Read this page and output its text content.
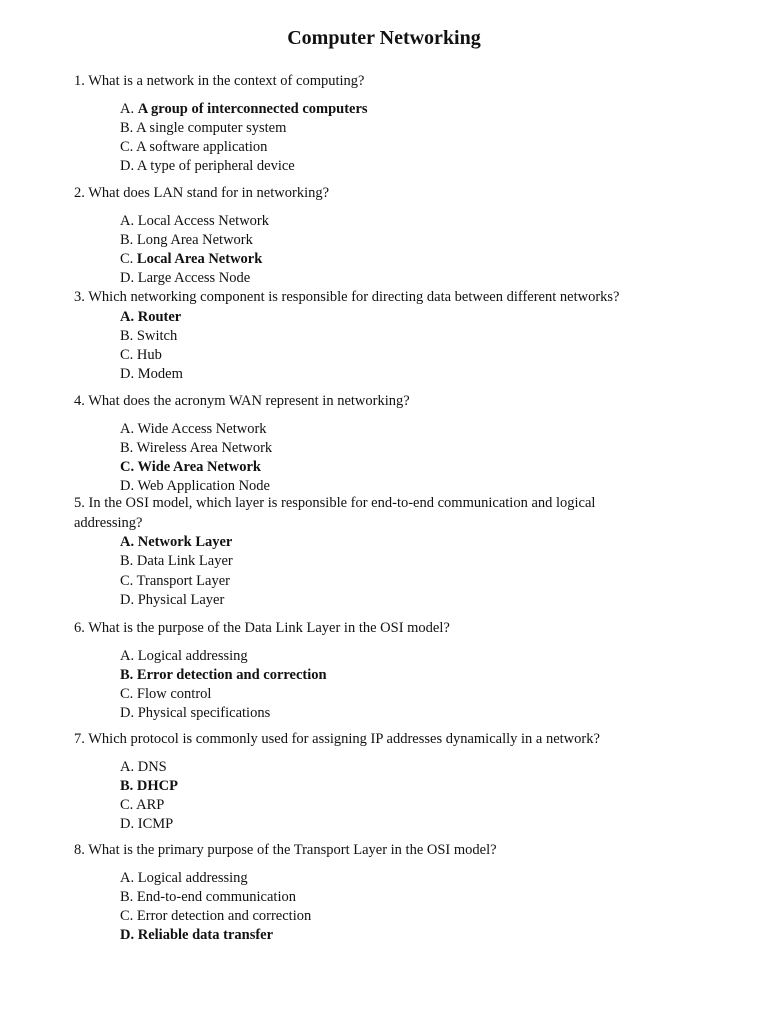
Computer Networking
1. What is a network in the context of computing?
A. A group of interconnected computers
B. A single computer system
C. A software application
D. A type of peripheral device
2. What does LAN stand for in networking?
A. Local Access Network
B. Long Area Network
C. Local Area Network
D. Large Access Node
3. Which networking component is responsible for directing data between different networks?
A. Router
B. Switch
C. Hub
D. Modem
4. What does the acronym WAN represent in networking?
A. Wide Access Network
B. Wireless Area Network
C. Wide Area Network
D. Web Application Node
5. In the OSI model, which layer is responsible for end-to-end communication and logical addressing?
A. Network Layer
B. Data Link Layer
C. Transport Layer
D. Physical Layer
6. What is the purpose of the Data Link Layer in the OSI model?
A. Logical addressing
B. Error detection and correction
C. Flow control
D. Physical specifications
7. Which protocol is commonly used for assigning IP addresses dynamically in a network?
A. DNS
B. DHCP
C. ARP
D. ICMP
8. What is the primary purpose of the Transport Layer in the OSI model?
A. Logical addressing
B. End-to-end communication
C. Error detection and correction
D. Reliable data transfer
